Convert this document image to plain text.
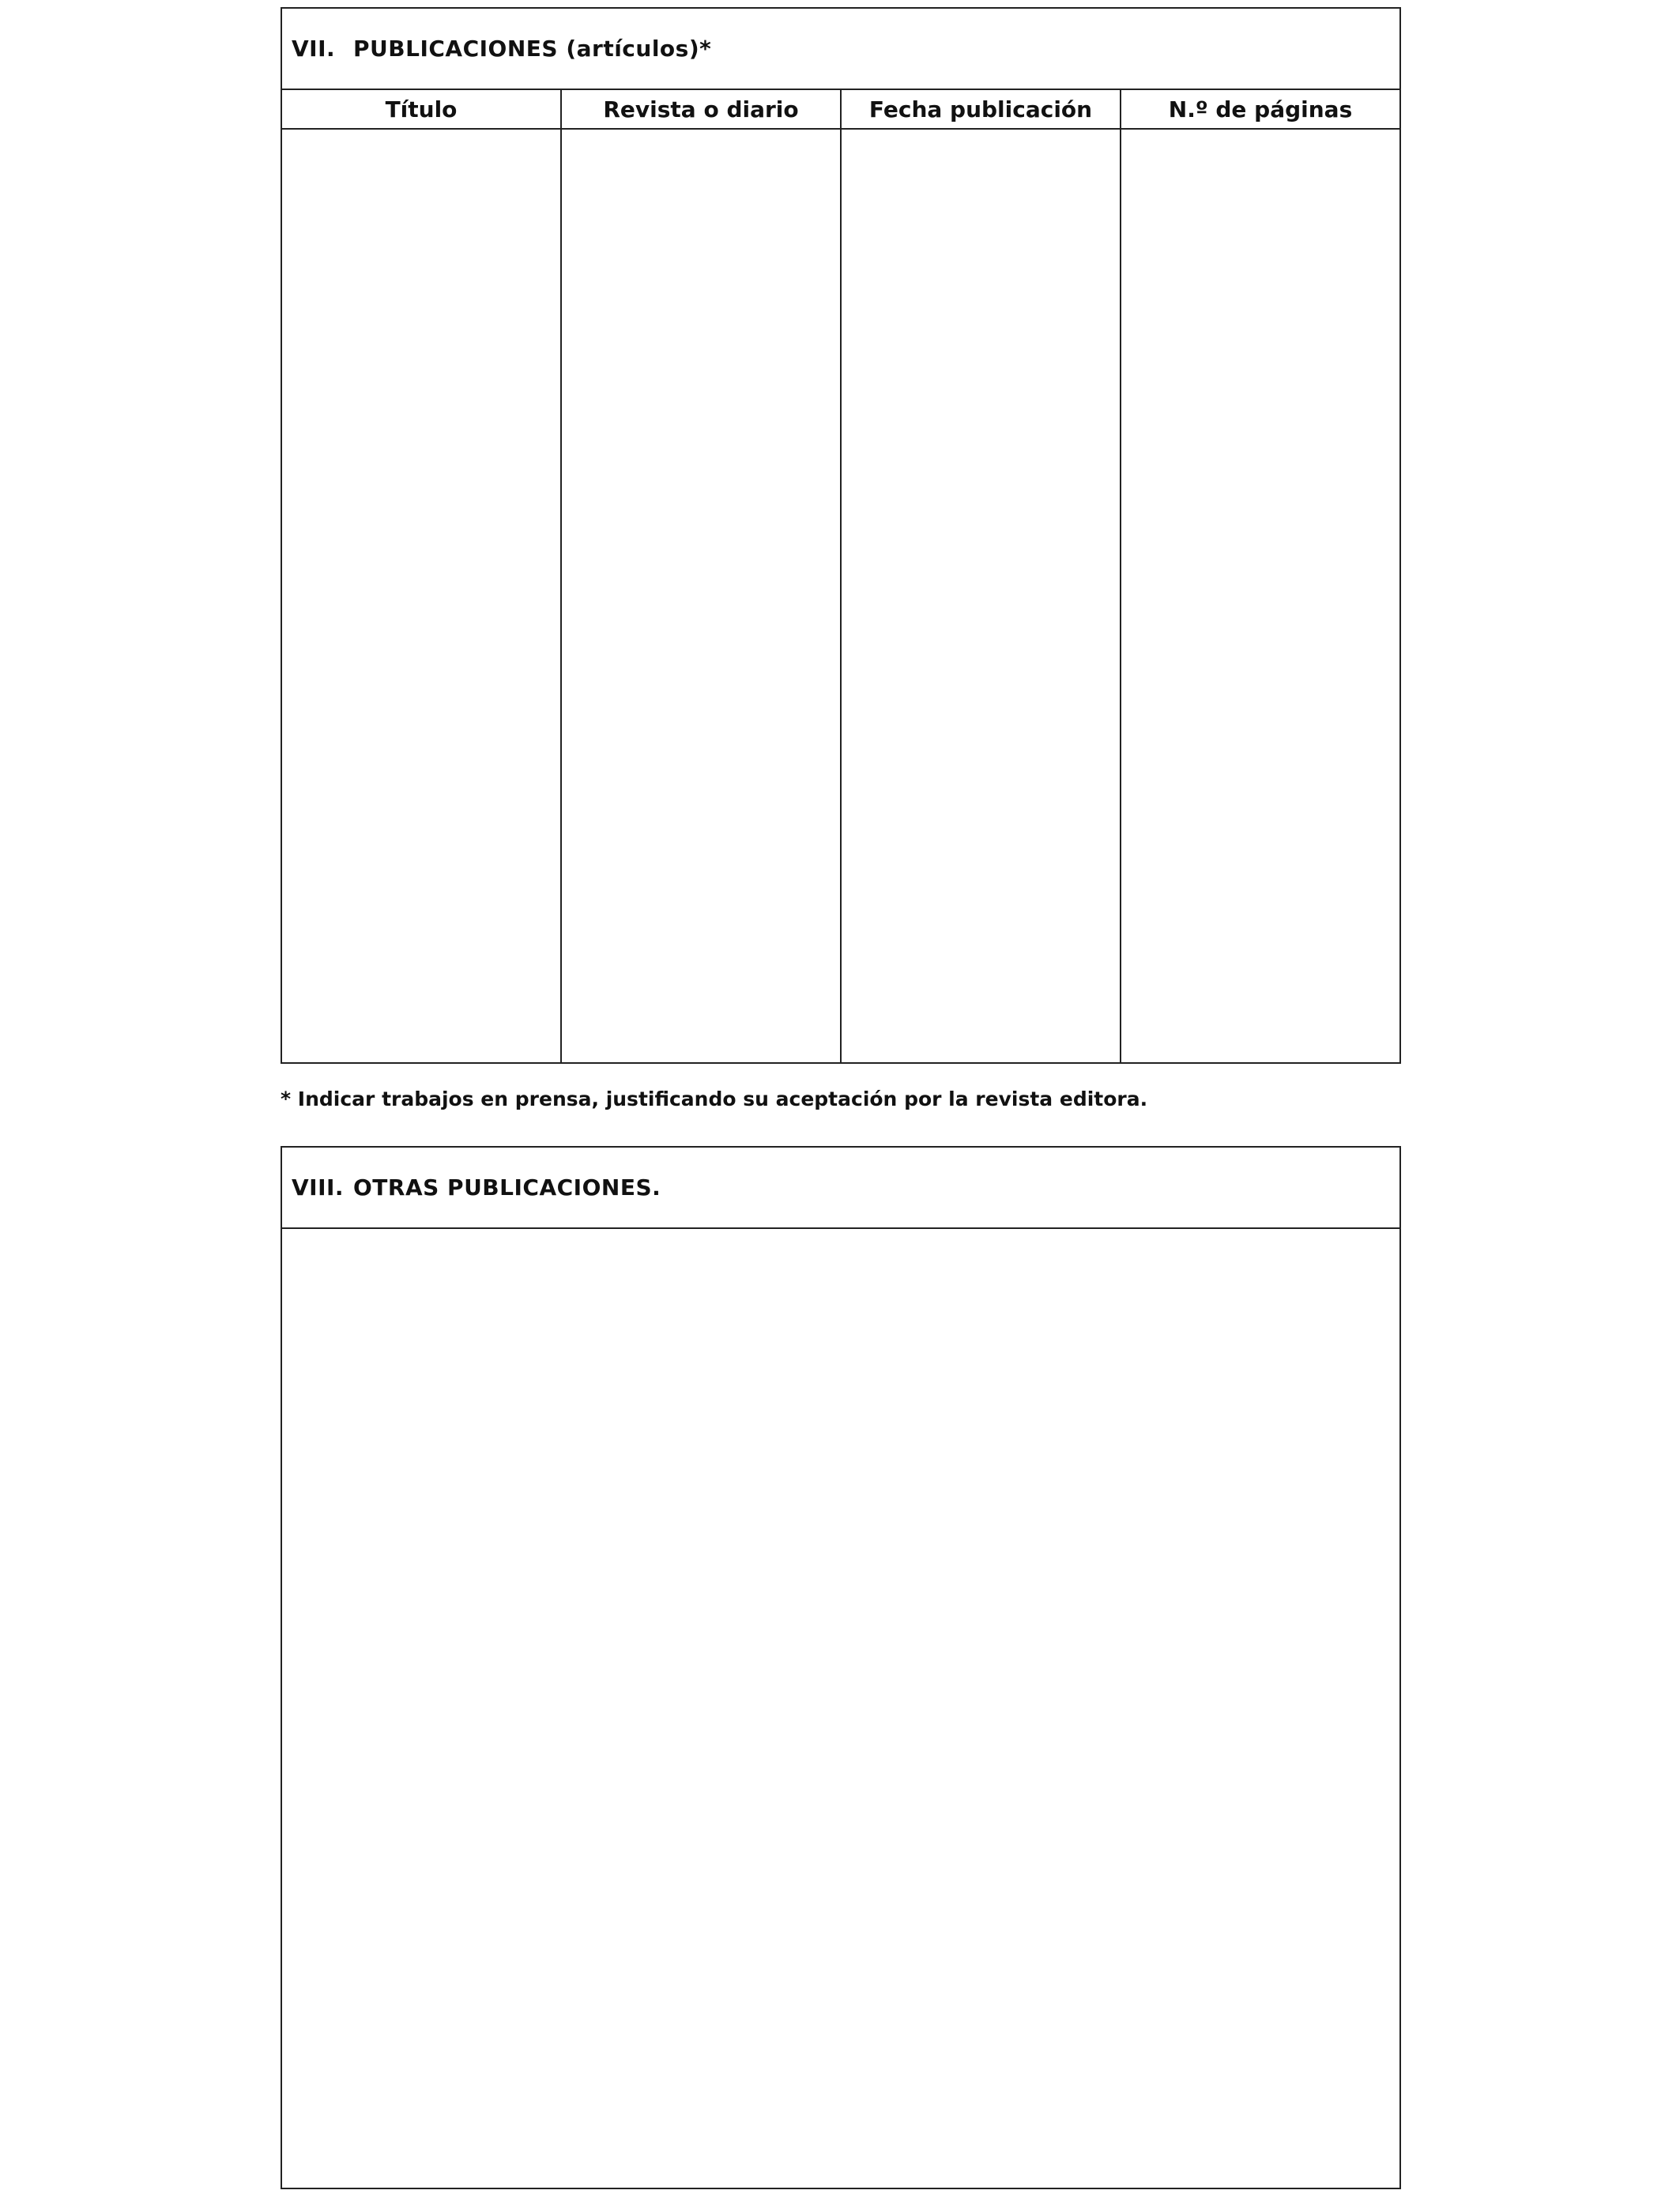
VII. PUBLICACIONES (artículos)*
Título	Revista o diario	Fecha publicación	N.º de páginas
* Indicar trabajos en prensa, justificando su aceptación por la revista editora.
VIII. OTRAS PUBLICACIONES.
